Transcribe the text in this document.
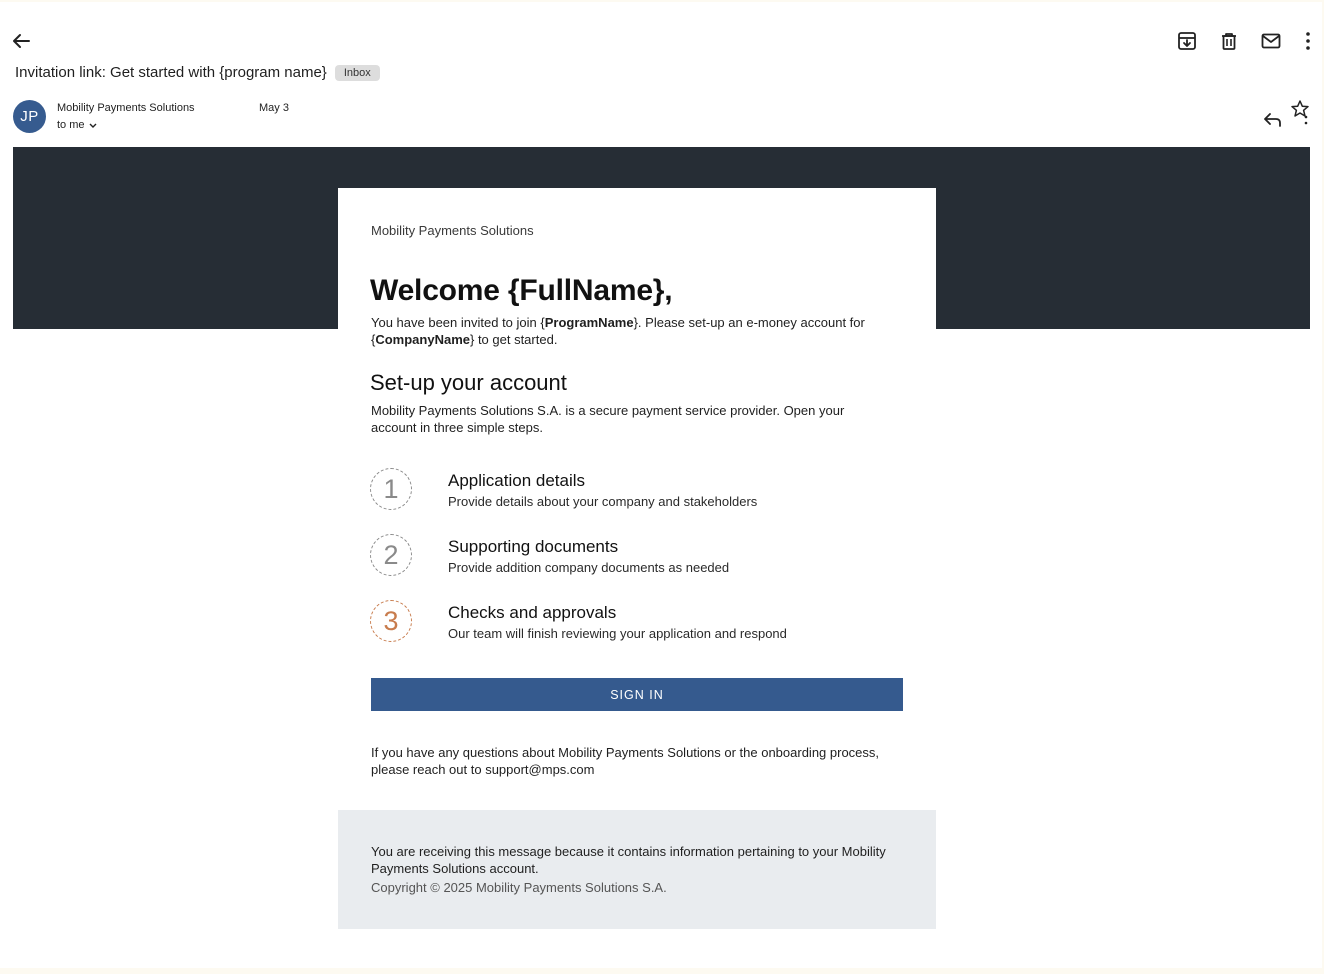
Invitation link: Get started with {program name}	Inbox
JP	Mobility Payments Solutions	May 3
to me
Mobility Payments Solutions
Welcome {FullName},
You have been invited to join {ProgramName}. Please set-up an e-money account for {CompanyName} to get started.
Set-up your account
Mobility Payments Solutions S.A. is a secure payment service provider. Open your account in three simple steps.
1	Application details
Provide details about your company and stakeholders
2	Supporting documents
Provide addition company documents as needed
3	Checks and approvals
Our team will finish reviewing your application and respond
SIGN IN
If you have any questions about Mobility Payments Solutions or the onboarding process, please reach out to support@mps.com
You are receiving this message because it contains information pertaining to your Mobility Payments Solutions account.
Copyright © 2025 Mobility Payments Solutions S.A.
